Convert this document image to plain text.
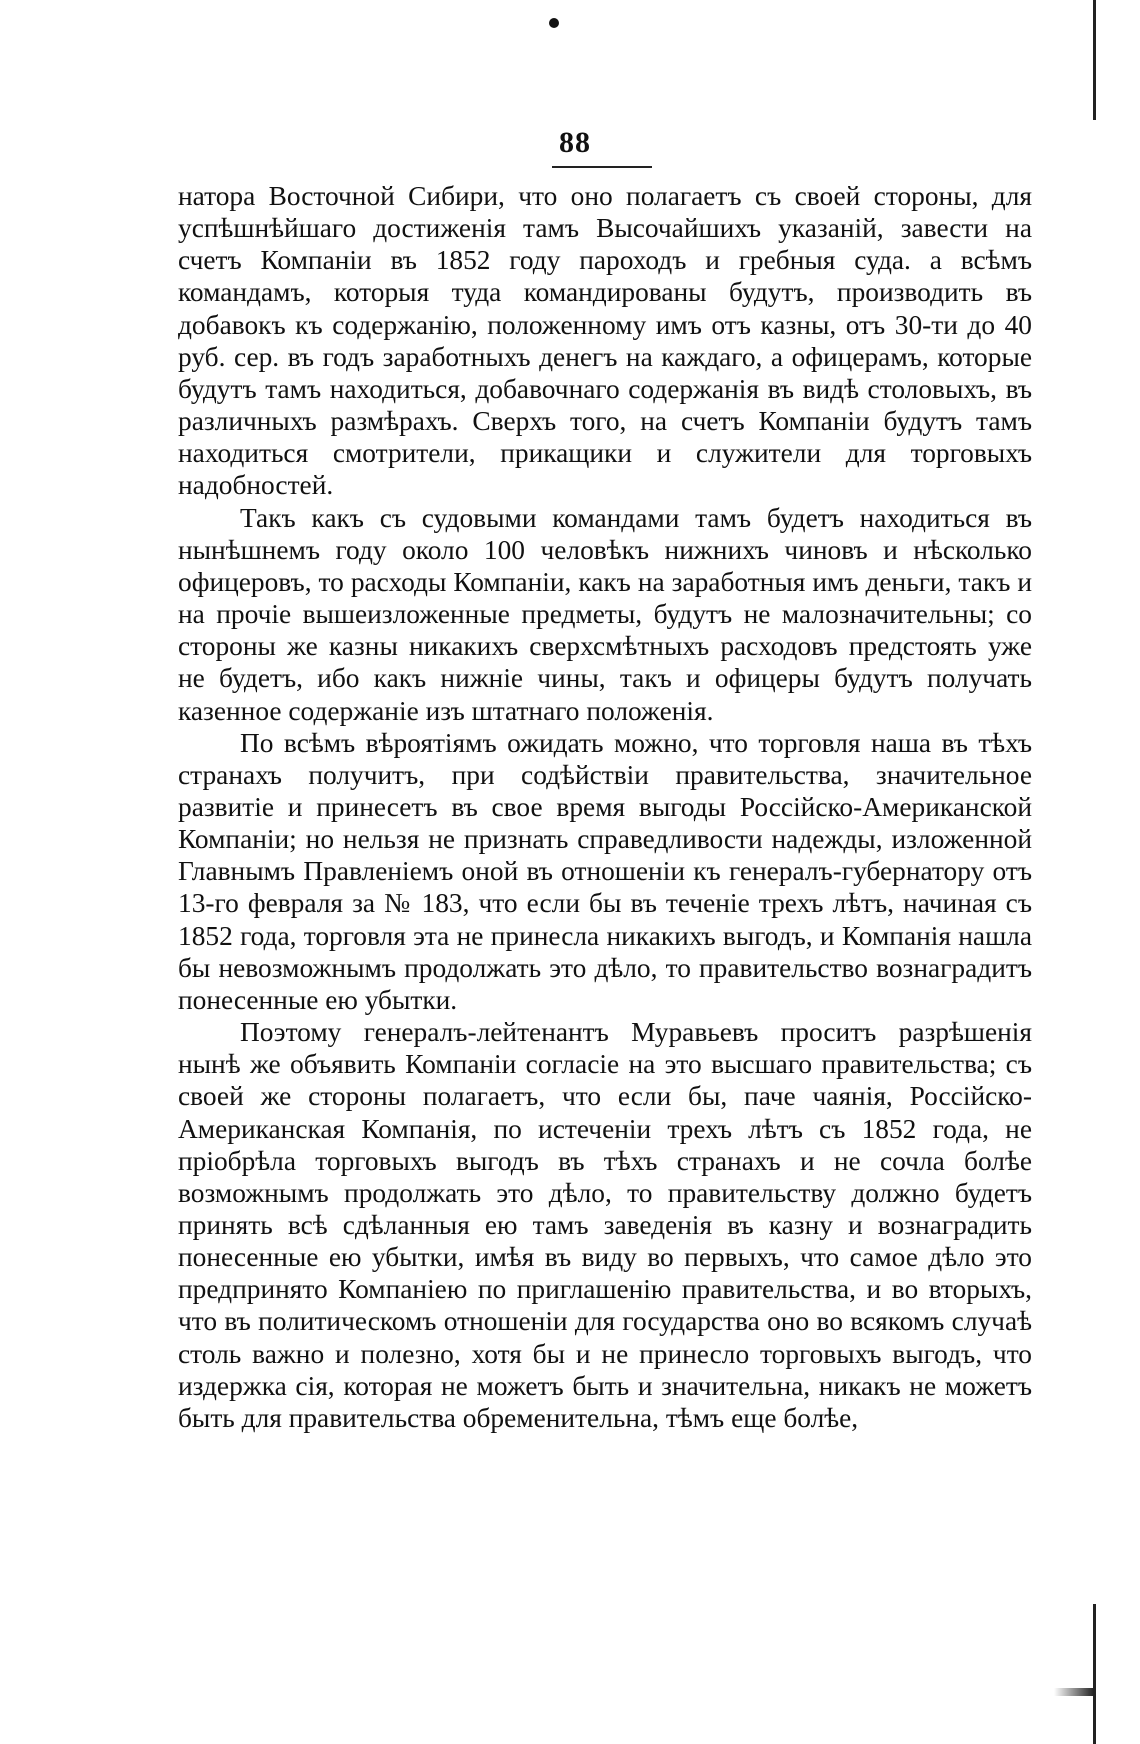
88

натора Восточной Сибири, что оно полагаетъ съ своей стороны, для успѣшнѣйшаго достиженія тамъ Высочайшихъ указаній, завести на счетъ Компаніи въ 1852 году пароходъ и гребныя суда. а всѣмъ командамъ, которыя туда командированы будутъ, производить въ добавокъ къ содержанію, положенному имъ отъ казны, отъ 30-ти до 40 руб. сер. въ годъ заработныхъ денегъ на каждаго, а офицерамъ, которые будутъ тамъ находиться, добавочнаго содержанія въ видѣ столовыхъ, въ различныхъ размѣрахъ. Сверхъ того, на счетъ Компаніи будутъ тамъ находиться смотрители, прикащики и служители для торговыхъ надобностей.

Такъ какъ съ судовыми командами тамъ будетъ находиться въ нынѣшнемъ году около 100 человѣкъ нижнихъ чиновъ и нѣсколько офицеровъ, то расходы Компаніи, какъ на заработныя имъ деньги, такъ и на прочіе вышеизложенные предметы, будутъ не малозначительны; со стороны же казны никакихъ сверхсмѣтныхъ расходовъ предстоять уже не будетъ, ибо какъ нижніе чины, такъ и офицеры будутъ получать казенное содержаніе изъ штатнаго положенія.

По всѣмъ вѣроятіямъ ожидать можно, что торговля наша въ тѣхъ странахъ получитъ, при содѣйствіи правительства, значительное развитіе и принесетъ въ свое время выгоды Россійско-Американской Компаніи; но нельзя не признать справедливости надежды, изложенной Главнымъ Правленіемъ оной въ отношеніи къ генералъ-губернатору отъ 13-го февраля за № 183, что если бы въ теченіе трехъ лѣтъ, начиная съ 1852 года, торговля эта не принесла никакихъ выгодъ, и Компанія нашла бы невозможнымъ продолжать это дѣло, то правительство вознаградитъ понесенные ею убытки.

Поэтому генералъ-лейтенантъ Муравьевъ проситъ разрѣшенія нынѣ же объявить Компаніи согласіе на это высшаго правительства; съ своей же стороны полагаетъ, что если бы, паче чаянія, Россійско-Американская Компанія, по истеченіи трехъ лѣтъ съ 1852 года, не пріобрѣла торговыхъ выгодъ въ тѣхъ странахъ и не сочла болѣе возможнымъ продолжать это дѣло, то правительству должно будетъ принять всѣ сдѣланныя ею тамъ заведенія въ казну и вознаградить понесенные ею убытки, имѣя въ виду во первыхъ, что самое дѣло это предпринято Компаніею по приглашенію правительства, и во вторыхъ, что въ политическомъ отношеніи для государства оно во всякомъ случаѣ столь важно и полезно, хотя бы и не принесло торговыхъ выгодъ, что издержка сія, которая не можетъ быть и значительна, никакъ не можетъ быть для правительства обременительна, тѣмъ еще болѣе,
